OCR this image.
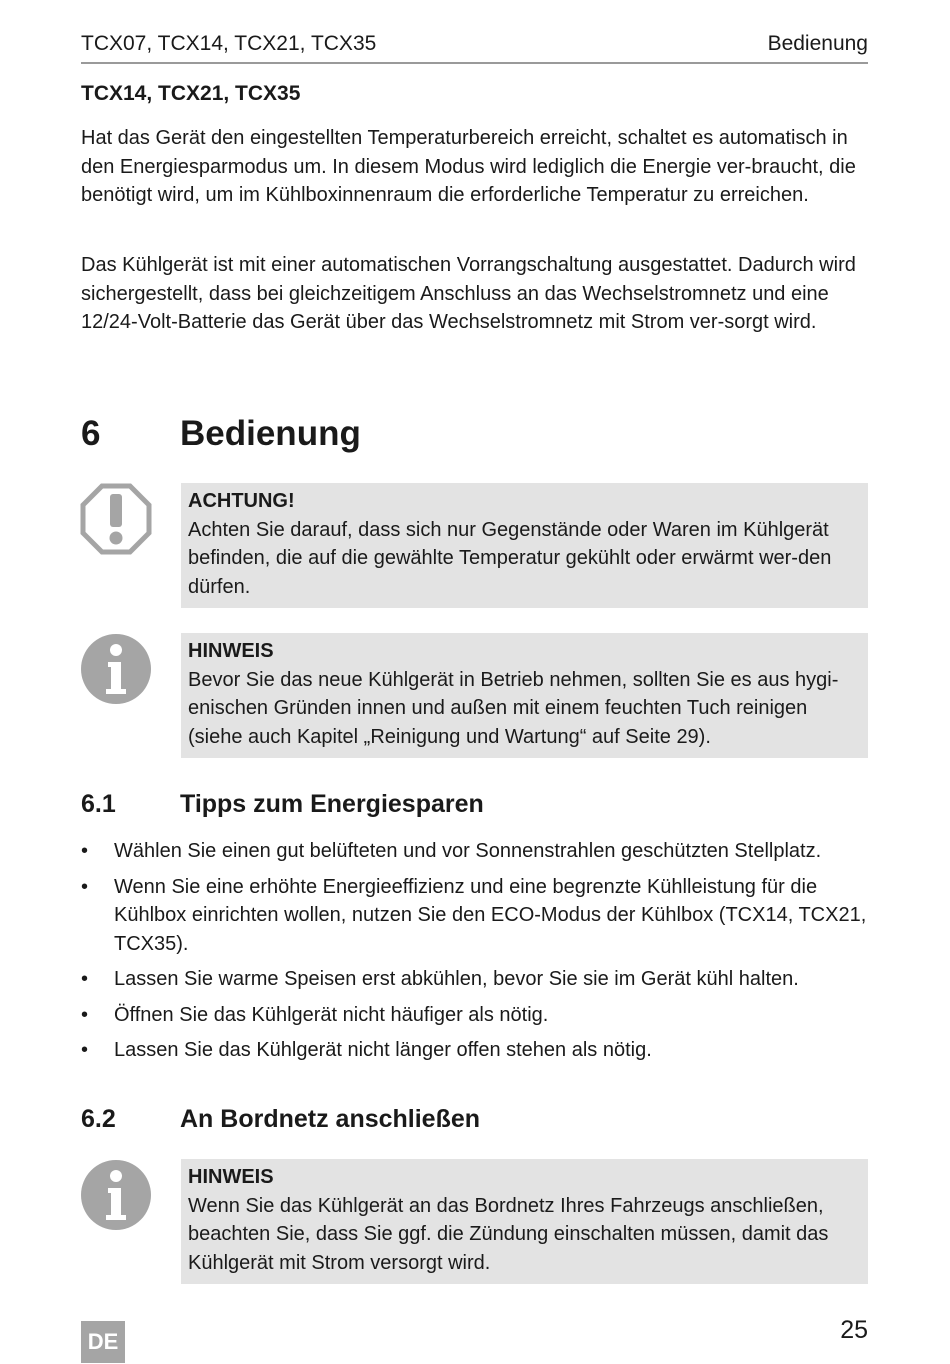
TCX07, TCX14, TCX21, TCX35	Bedienung
TCX14, TCX21, TCX35

Hat das Gerät den eingestellten Temperaturbereich erreicht, schaltet es automatisch in den Energiesparmodus um. In diesem Modus wird lediglich die Energie ver-braucht, die benötigt wird, um im Kühlboxinnenraum die erforderliche Temperatur zu erreichen.

Das Kühlgerät ist mit einer automatischen Vorrangschaltung ausgestattet. Dadurch wird sichergestellt, dass bei gleichzeitigem Anschluss an das Wechselstromnetz und eine 12/24-Volt-Batterie das Gerät über das Wechselstromnetz mit Strom ver-sorgt wird.

6 Bedienung
ACHTUNG!
Achten Sie darauf, dass sich nur Gegenstände oder Waren im Kühlgerät befinden, die auf die gewählte Temperatur gekühlt oder erwärmt wer-den dürfen.
HINWEIS
Bevor Sie das neue Kühlgerät in Betrieb nehmen, sollten Sie es aus hygi-enischen Gründen innen und außen mit einem feuchten Tuch reinigen (siehe auch Kapitel „Reinigung und Wartung“ auf Seite 29).
6.1	Tipps zum Energiesparen
• Wählen Sie einen gut belüfteten und vor Sonnenstrahlen geschützten Stellplatz.
• Wenn Sie eine erhöhte Energieeffizienz und eine begrenzte Kühlleistung für die Kühlbox einrichten wollen, nutzen Sie den ECO-Modus der Kühlbox (TCX14, TCX21, TCX35).
• Lassen Sie warme Speisen erst abkühlen, bevor Sie sie im Gerät kühl halten.
• Öffnen Sie das Kühlgerät nicht häufiger als nötig.
• Lassen Sie das Kühlgerät nicht länger offen stehen als nötig.
6.2	An Bordnetz anschließen
HINWEIS
Wenn Sie das Kühlgerät an das Bordnetz Ihres Fahrzeugs anschließen, beachten Sie, dass Sie ggf. die Zündung einschalten müssen, damit das Kühlgerät mit Strom versorgt wird.
DE	25
